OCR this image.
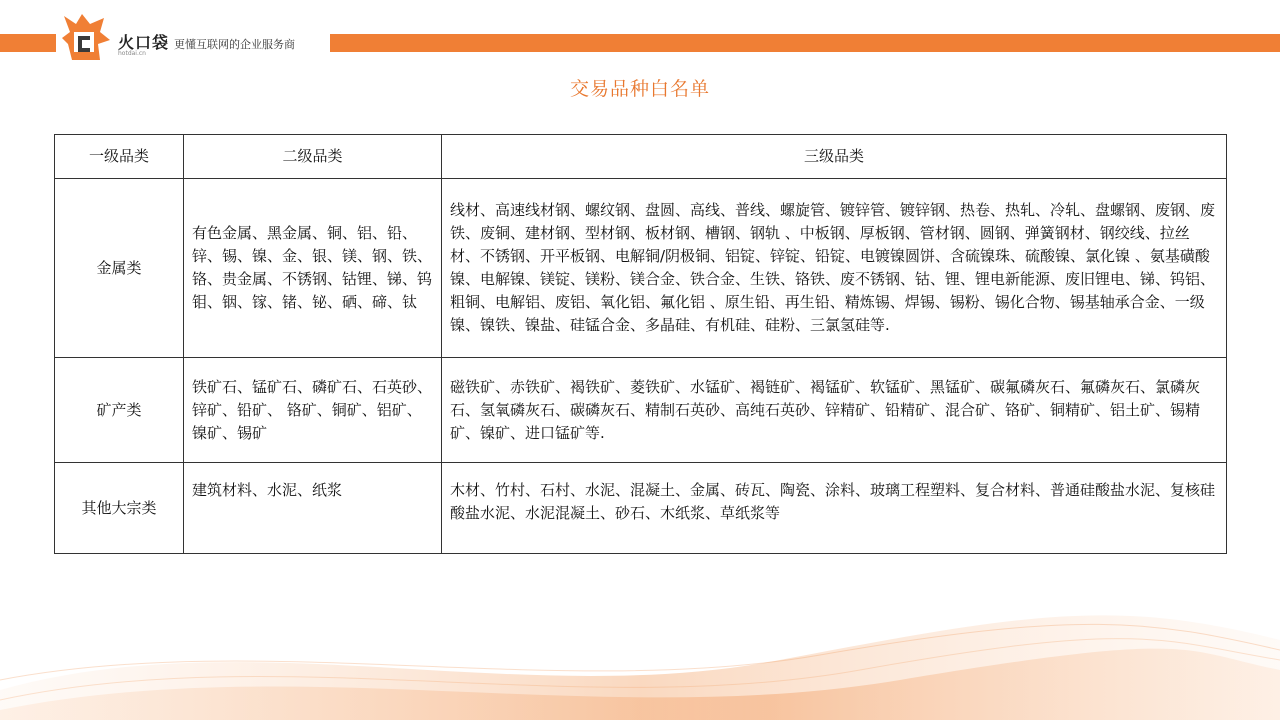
火口袋
hotdai.cn
更懂互联网的企业服务商
交易品种白名单
一级品类	二级品类	三级品类
金属类	有色金属、黑金属、铜、铝、铅、锌、锡、镍、金、银、镁、钢、铁、铬、贵金属、不锈钢、钴锂、锑、钨钼、铟、镓、锗、铋、硒、碲、钛	线材、高速线材钢、螺纹钢、盘圆、高线、普线、螺旋管、镀锌管、镀锌钢、热卷、热轧、冷轧、盘螺钢、废钢、废铁、废铜、建材钢、型材钢、板材钢、槽钢、钢轨 、中板钢、厚板钢、管材钢、圆钢、弹簧钢材、钢绞线、拉丝材、不锈钢、开平板钢、电解铜/阴极铜、铝锭、锌锭、铅锭、电镀镍圆饼、含硫镍珠、硫酸镍、氯化镍 、氨基磺酸镍、电解镍、镁锭、镁粉、镁合金、铁合金、生铁、铬铁、废不锈钢、钴、锂、锂电新能源、废旧锂电、锑、钨铝、粗铜、电解铝、废铝、氧化铝、氟化铝 、原生铅、再生铅、精炼锡、焊锡、锡粉、锡化合物、锡基轴承合金、一级镍、镍铁、镍盐、硅锰合金、多晶硅、有机硅、硅粉、三氯氢硅等.
矿产类	铁矿石、锰矿石、磷矿石、石英砂、锌矿、铅矿、 铬矿、铜矿、铝矿、镍矿、锡矿	磁铁矿、赤铁矿、褐铁矿、菱铁矿、水锰矿、褐链矿、褐锰矿、软锰矿、黑锰矿、碳氟磷灰石、氟磷灰石、氯磷灰石、氢氧磷灰石、碳磷灰石、精制石英砂、高纯石英砂、锌精矿、铅精矿、混合矿、铬矿、铜精矿、铝土矿、锡精矿、镍矿、进口锰矿等.
其他大宗类	建筑材料、水泥、纸浆	木材、竹村、石村、水泥、混凝土、金属、砖瓦、陶瓷、涂料、玻璃工程塑料、复合材料、普通硅酸盐水泥、复核硅酸盐水泥、水泥混凝土、砂石、木纸浆、草纸浆等
